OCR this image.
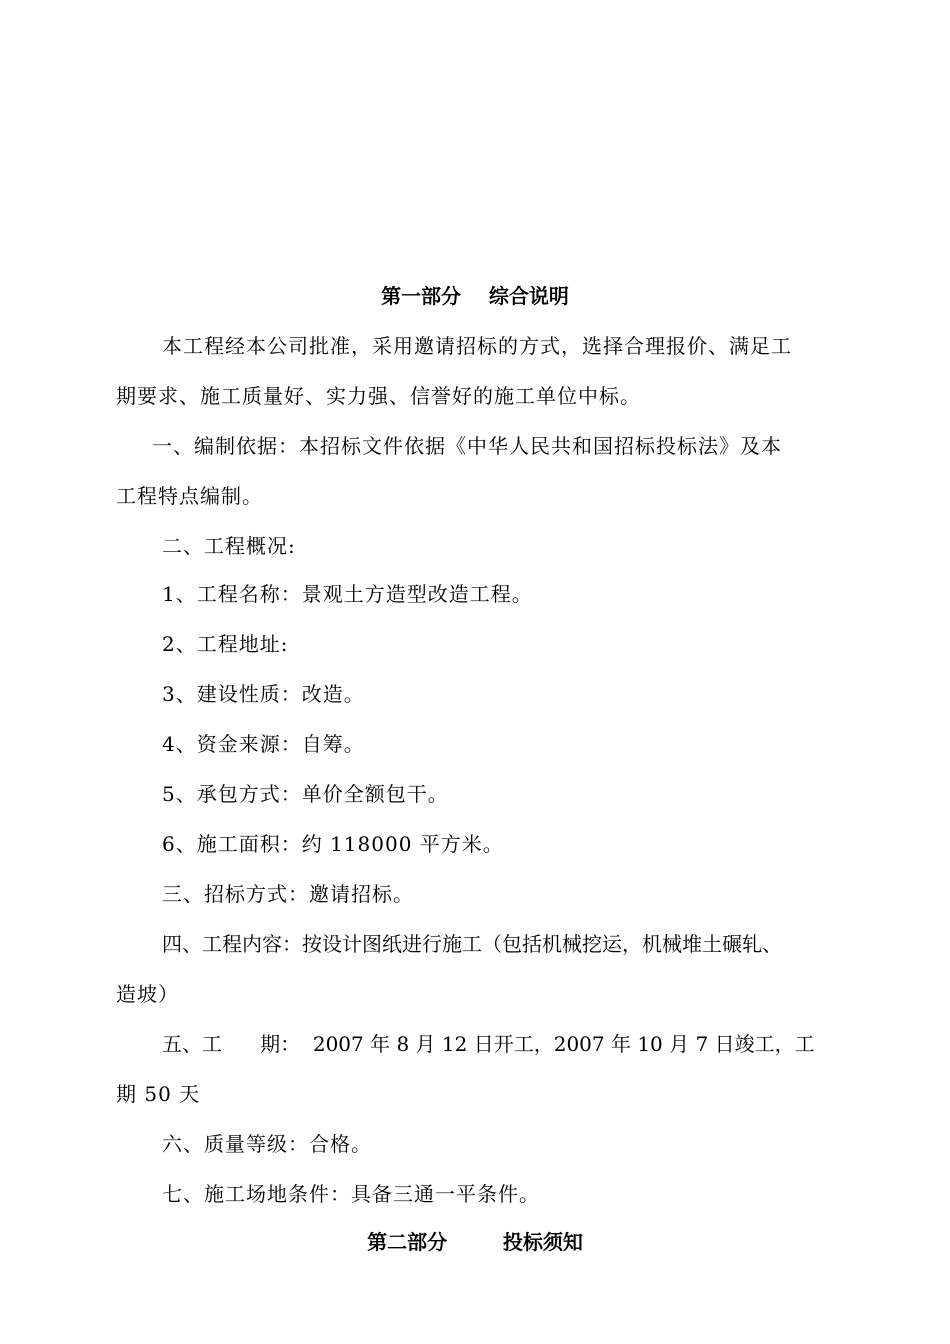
第一部分    综合说明
本工程经本公司批准，采用邀请招标的方式，选择合理报价、满足工
期要求、施工质量好、实力强、信誉好的施工单位中标。
一、编制依据：本招标文件依据《中华人民共和国招标投标法》及本
工程特点编制。
二、工程概况:
1、工程名称：景观土方造型改造工程。
2、工程地址:
3、建设性质：改造。
4、资金来源：自筹。
5、承包方式：单价全额包干。
6、施工面积：约 118000 平方米。
三、招标方式：邀请招标。
四、工程内容：按设计图纸进行施工（包括机械挖运，机械堆土碾轧、
造坡）
五、工      期：  2007 年 8 月 12 日开工，2007 年 10 月 7 日竣工，工
期 50 天
六、质量等级：合格。
七、施工场地条件：具备三通一平条件。
第二部分        投标须知
